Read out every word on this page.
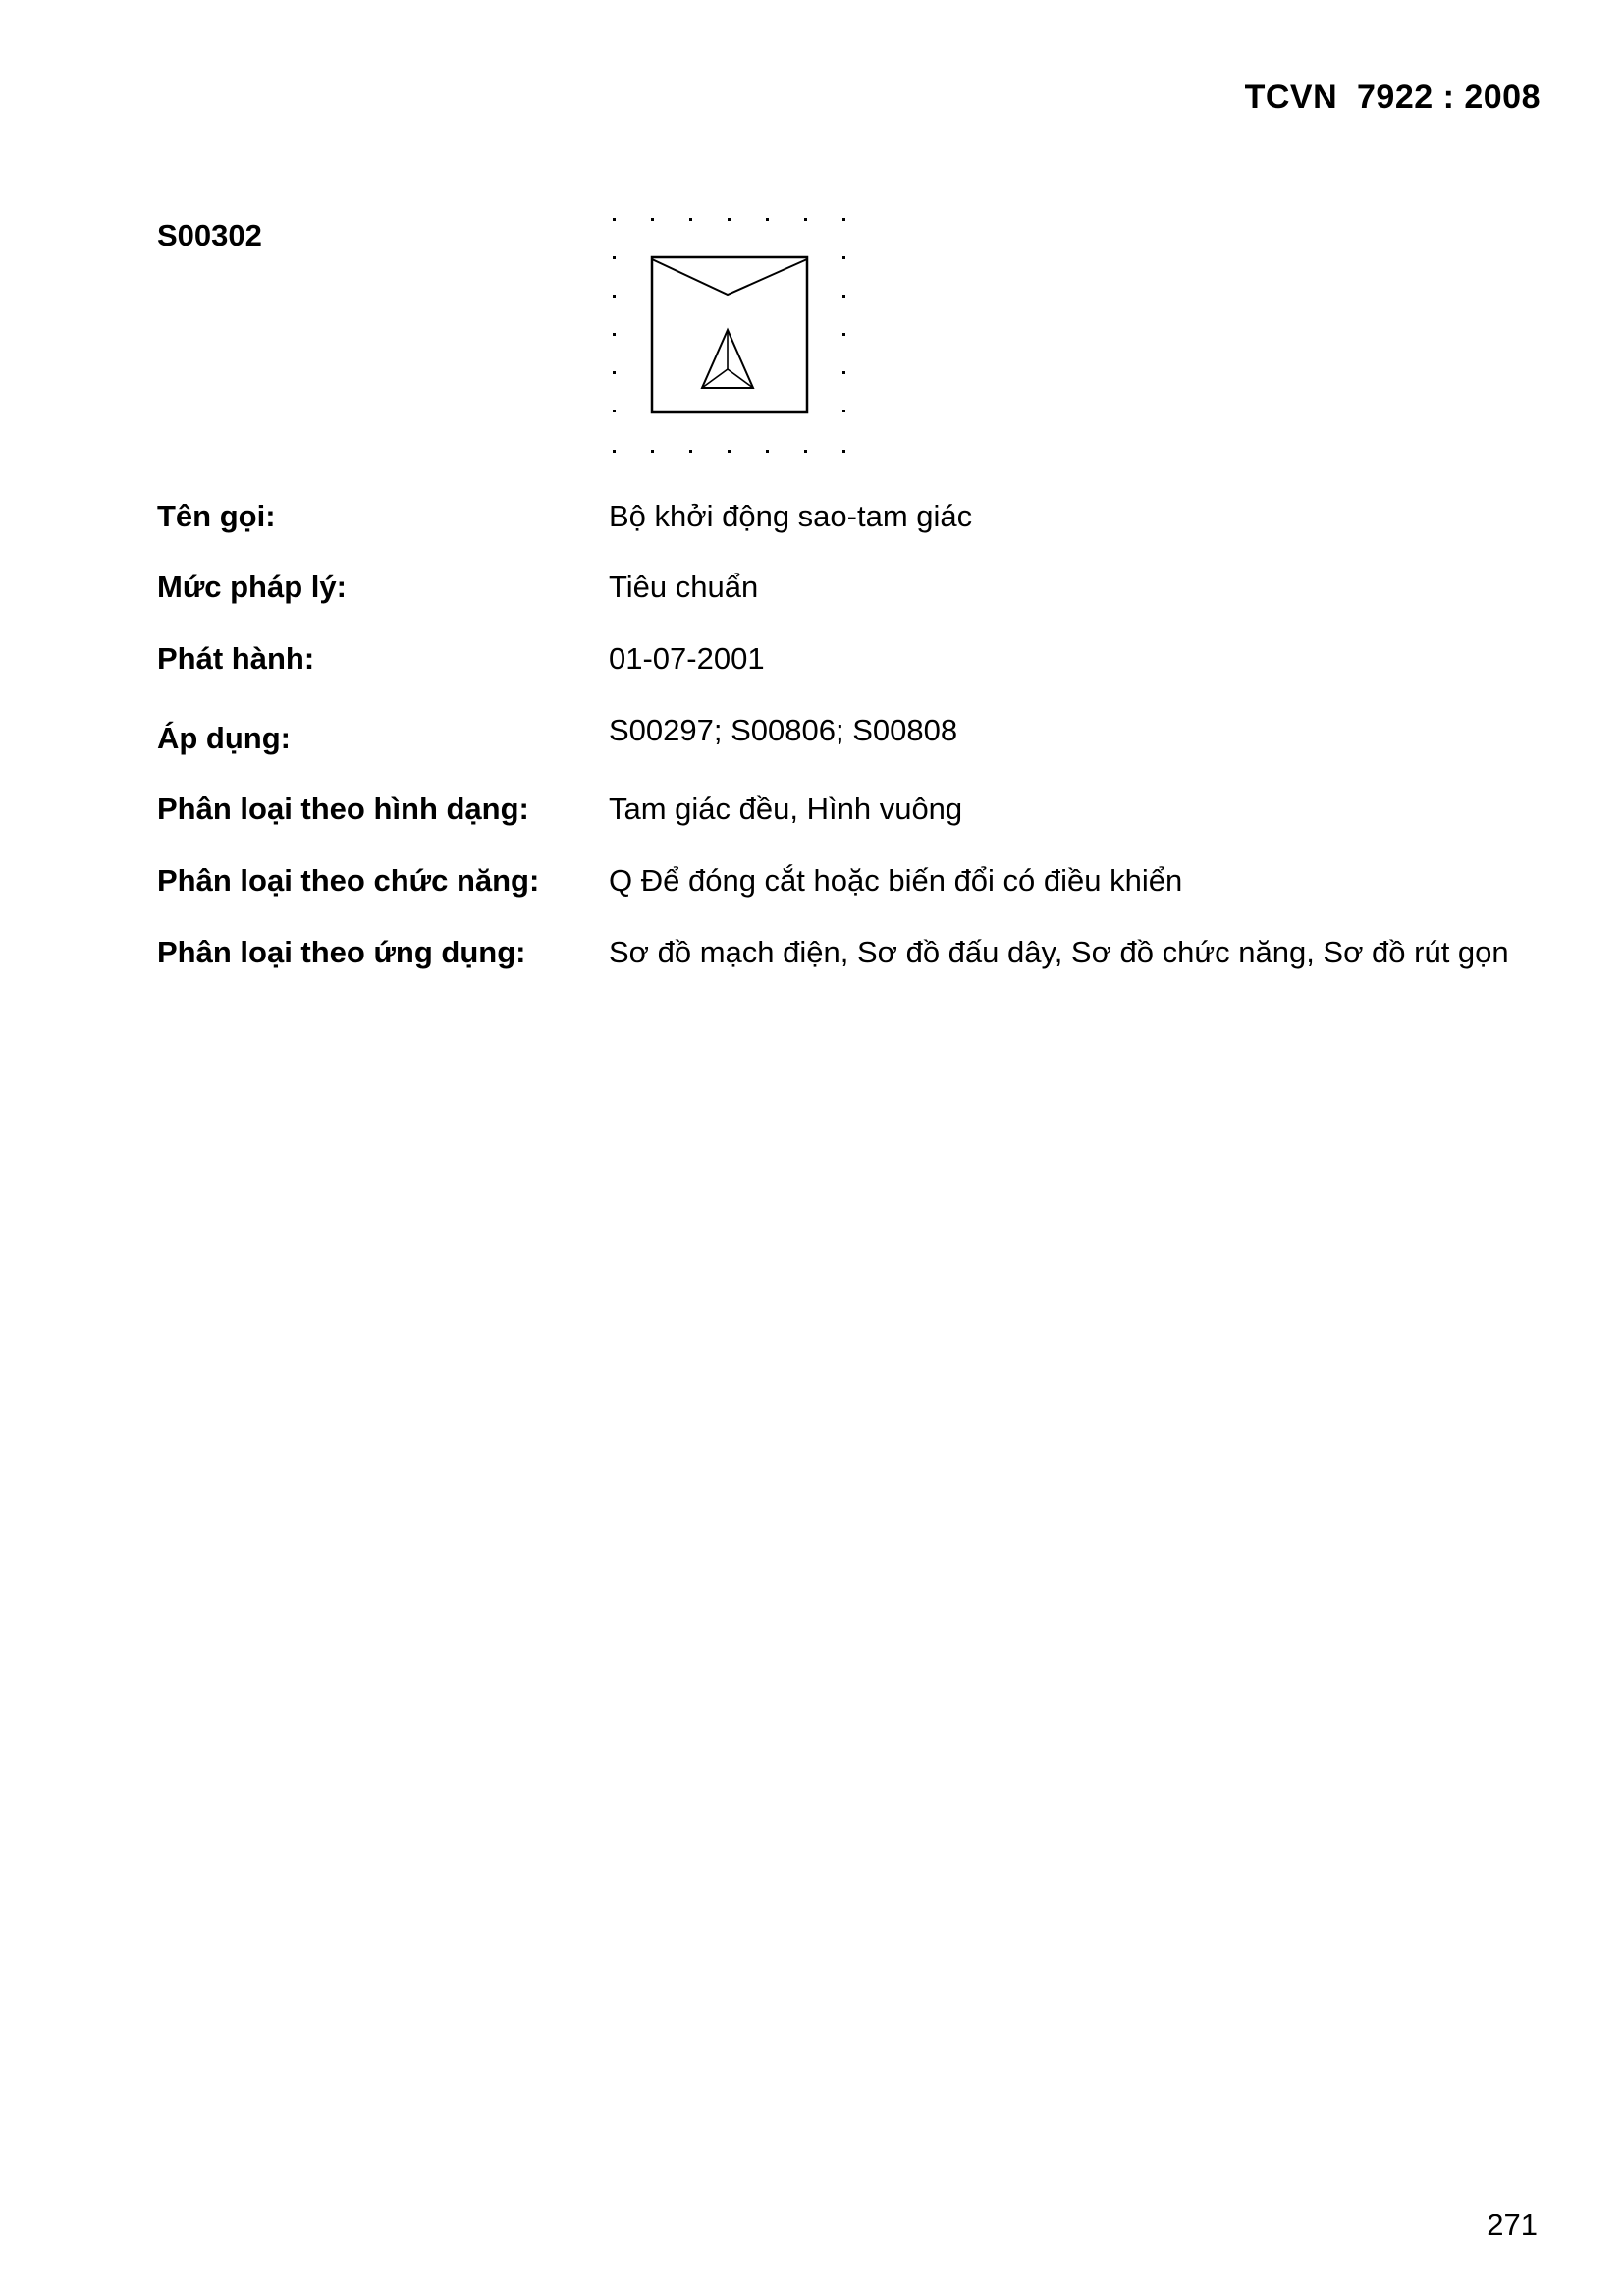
TCVN  7922 : 2008
S00302
Tên gọi:	Bộ khởi động sao-tam giác
Mức pháp lý:	Tiêu chuẩn
Phát hành:	01-07-2001
Áp dụng:	S00297; S00806; S00808
Phân loại theo hình dạng:	Tam giác đều, Hình vuông
Phân loại theo chức năng:	Q Để đóng cắt hoặc biến đổi có điều khiển
Phân loại theo ứng dụng:	Sơ đồ mạch điện, Sơ đồ đấu dây, Sơ đồ chức năng, Sơ đồ rút gọn
271
